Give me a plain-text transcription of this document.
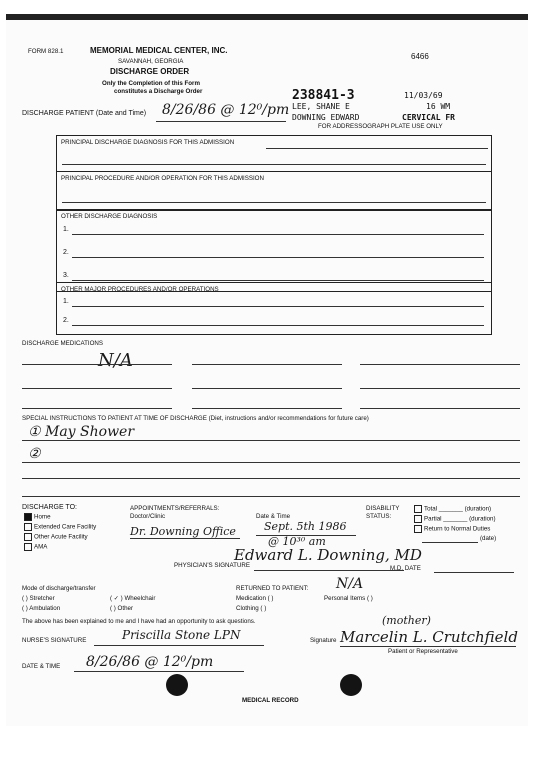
FORM 828.1	MEMORIAL MEDICAL CENTER, INC.
SAVANNAH, GEORGIA
DISCHARGE ORDER
Only the Completion of this Form
constitutes a Discharge Order
6466
238841-3	11/03/69
LEE, SHANE E	16 WM
DOWNING EDWARD	CERVICAL FR
FOR ADDRESSOGRAPH PLATE USE ONLY
DISCHARGE PATIENT (Date and Time) 8/26/86 @ 12⁰/pm
PRINCIPAL DISCHARGE DIAGNOSIS FOR THIS ADMISSION
PRINCIPAL PROCEDURE AND/OR OPERATION FOR THIS ADMISSION
OTHER DISCHARGE DIAGNOSIS
1.
2.
3.
OTHER MAJOR PROCEDURES AND/OR OPERATIONS
1.
2.
DISCHARGE MEDICATIONS
N/A
SPECIAL INSTRUCTIONS TO PATIENT AT TIME OF DISCHARGE (Diet, instructions and/or recommendations for future care)
① May Shower
②
DISCHARGE TO:
Home
Extended Care Facility
Other Acute Facility
AMA
APPOINTMENTS/REFERRALS:
Doctor/Clinic	Date & Time
Dr. Downing Office	Sept. 5th 1986
@ 10³⁰ am
DISABILITY
STATUS:
Total _______ (duration)
Partial _______ (duration)
Return to Normal Duties
(date)
PHYSICIAN'S SIGNATURE
Edward L. Downing, MD
M.D. DATE
Mode of discharge/transfer
( ) Stretcher	( ✓ ) Wheelchair
( ) Ambulation	( ) Other
RETURNED TO PATIENT: N/A
Medication ( )	Personal Items ( )
Clothing ( )
The above has been explained to me and I have had an opportunity to ask questions.
NURSE'S SIGNATURE	Priscilla Stone LPN	Signature
(mother)
Marcelin L. Crutchfield
Patient or Representative
DATE & TIME 8/26/86 @ 12⁰/pm
MEDICAL RECORD
